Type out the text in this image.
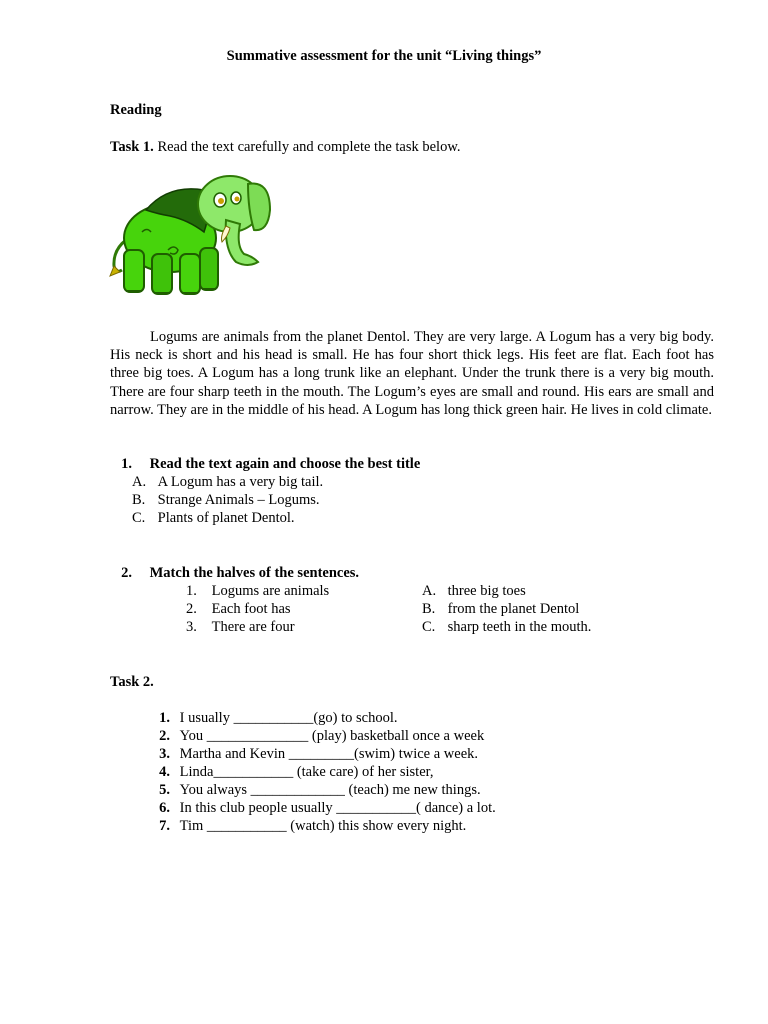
Summative assessment for the unit “Living things”
Reading
Task 1. Read the text carefully and complete the task below.
Logums are animals from the planet Dentol. They are very large. A Logum has a very big body. His neck is short and his head is small. He has four short thick legs. His feet are flat. Each foot has three big toes. A Logum has a long trunk like an elephant. Under the trunk there is a very big mouth. There are four sharp teeth in the mouth. The Logum’s eyes are small and round. His ears are small and narrow. They are in the middle of his head. A Logum has long thick green hair. He lives in cold climate.
1. Read the text again and choose the best title
A. A Logum has a very big tail.
B. Strange Animals – Logums.
C. Plants of planet Dentol.
2. Match the halves of the sentences.
1. Logums are animals
2. Each foot has
3. There are four
A. three big toes
B. from the planet Dentol
C. sharp teeth in the mouth.
Task 2.
1. I usually ___________(go) to school.
2. You ______________ (play) basketball once a week
3. Martha and Kevin _________(swim) twice a week.
4. Linda___________ (take care) of her sister,
5. You always _____________ (teach) me new things.
6. In this club people usually ___________( dance) a lot.
7. Tim ___________ (watch) this show every night.
